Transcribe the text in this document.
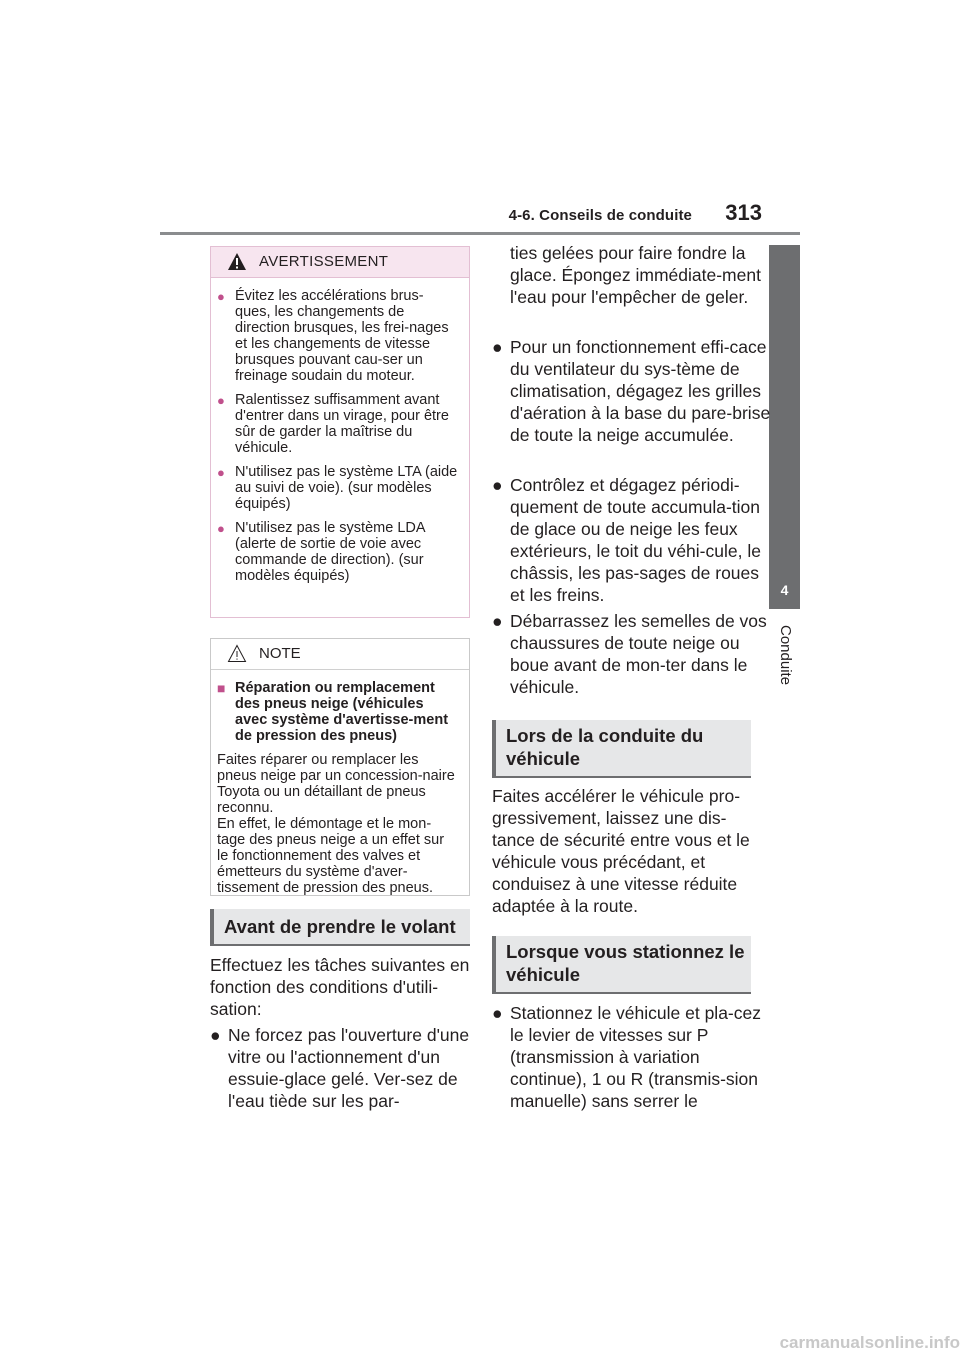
4-6. Conseils de conduite	313
4
Conduite
AVERTISSEMENT
● Évitez les accélérations brus-ques, les changements de direction brusques, les frei-nages et les changements de vitesse brusques pouvant cau-ser un freinage soudain du moteur.
● Ralentissez suffisamment avant d'entrer dans un virage, pour être sûr de garder la maîtrise du véhicule.
● N'utilisez pas le système LTA (aide au suivi de voie). (sur modèles équipés)
● N'utilisez pas le système LDA (alerte de sortie de voie avec commande de direction). (sur modèles équipés)
NOTE
■ Réparation ou remplacement des pneus neige (véhicules avec système d'avertisse-ment de pression des pneus)
Faites réparer ou remplacer les pneus neige par un concession-naire Toyota ou un détaillant de pneus reconnu.
En effet, le démontage et le mon-tage des pneus neige a un effet sur le fonctionnement des valves et émetteurs du système d'aver-tissement de pression des pneus.
Avant de prendre le volant
Effectuez les tâches suivantes en fonction des conditions d'utili-sation:
● Ne forcez pas l'ouverture d'une vitre ou l'actionnement d'un essuie-glace gelé. Ver-sez de l'eau tiède sur les par-
ties gelées pour faire fondre la glace. Épongez immédiate-ment l'eau pour l'empêcher de geler.
● Pour un fonctionnement effi-cace du ventilateur du sys-tème de climatisation, dégagez les grilles d'aération à la base du pare-brise de toute la neige accumulée.
● Contrôlez et dégagez périodi-quement de toute accumula-tion de glace ou de neige les feux extérieurs, le toit du véhi-cule, le châssis, les pas-sages de roues et les freins.
● Débarrassez les semelles de vos chaussures de toute neige ou boue avant de mon-ter dans le véhicule.
Lors de la conduite du véhicule
Faites accélérer le véhicule pro-gressivement, laissez une dis-tance de sécurité entre vous et le véhicule vous précédant, et conduisez à une vitesse réduite adaptée à la route.
Lorsque vous stationnez le véhicule
● Stationnez le véhicule et pla-cez le levier de vitesses sur P (transmission à variation continue), 1 ou R (transmis-sion manuelle) sans serrer le
carmanualsonline.info
